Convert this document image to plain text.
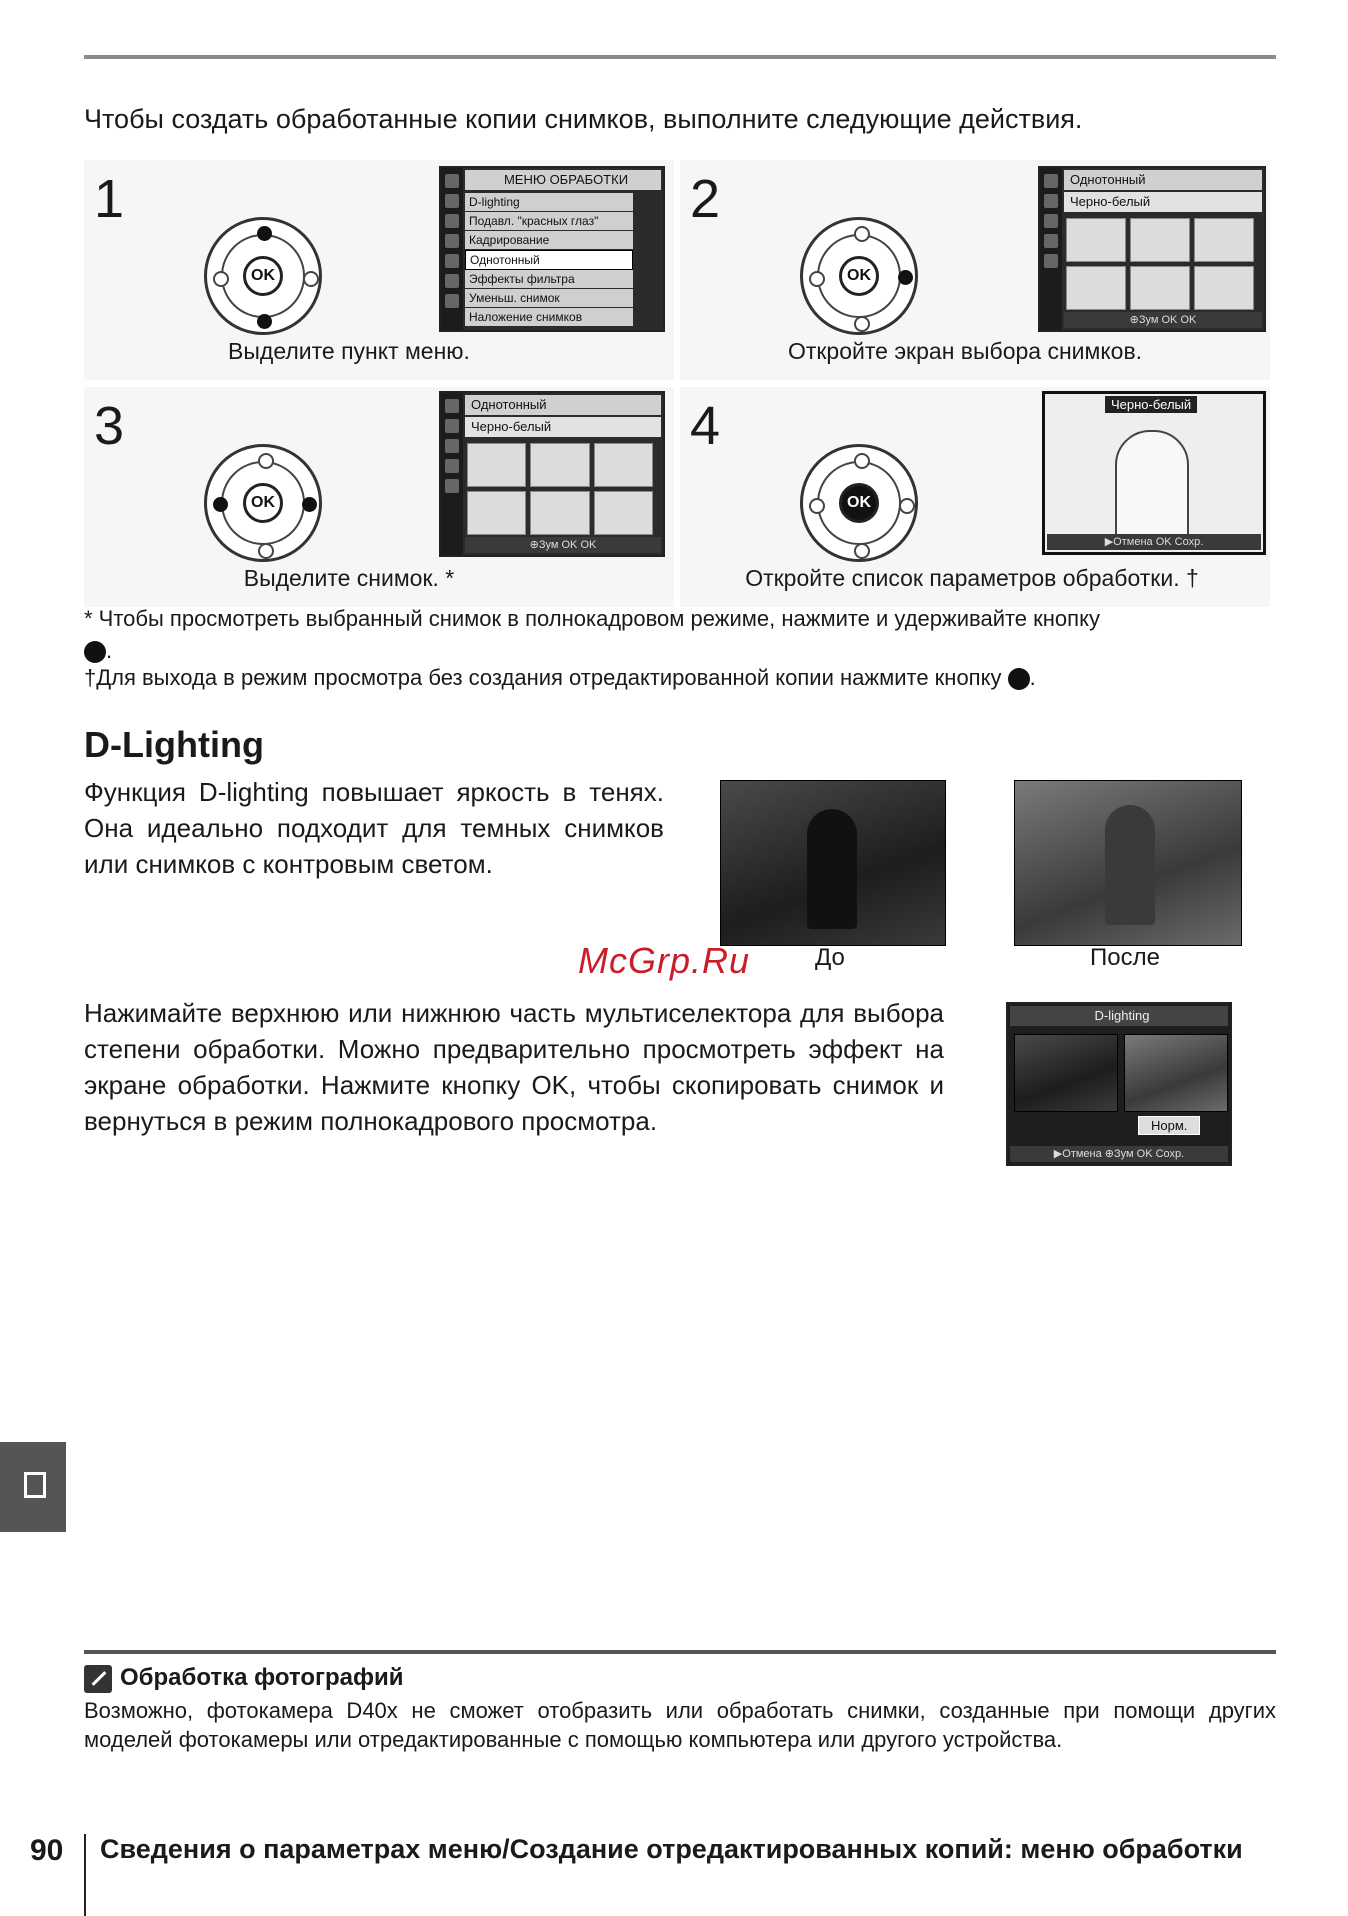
Чтобы создать обработанные копии снимков, выполните следующие действия.
1
OK
МЕНЮ ОБРАБОТКИ
D-lighting
Подавл. "красных глаз"
Кадрирование
Однотонный
Эффекты фильтра
Уменьш. снимок
Наложение снимков
Выделите пункт меню.
2
OK
Однотонный
Черно-белый
⊕Зум OK OK
Откройте экран выбора снимков.
3
OK
Однотонный
Черно-белый
⊕Зум OK OK
Выделите снимок. *
4
OK
Черно-белый
▶Отмена OK Сохр.
Откройте список параметров обработки. †
* Чтобы просмотреть выбранный снимок в полнокадровом режиме, нажмите и удерживайте кнопку
.
†Для выхода в режим просмотра без создания отредактированной копии нажмите кнопку .
D-Lighting
Функция D-lighting повышает яркость в тенях. Она идеально подходит для темных снимков или снимков с контровым светом.
До	После
McGrp.Ru
Нажимайте верхнюю или нижнюю часть мультиселектора для выбора степени обработки. Можно предварительно просмотреть эффект на экране обработки. Нажмите кнопку OK, чтобы скопировать снимок и вернуться в режим полнокадрового просмотра.
D-lighting
Норм.
▶Отмена ⊕Зум OK Сохр.
Обработка фотографий
Возможно, фотокамера D40x не сможет отобразить или обработать снимки, созданные при помощи других моделей фотокамеры или отредактированные с помощью компьютера или другого устройства.
90 Сведения о параметрах меню/Создание отредактированных копий: меню обработки
